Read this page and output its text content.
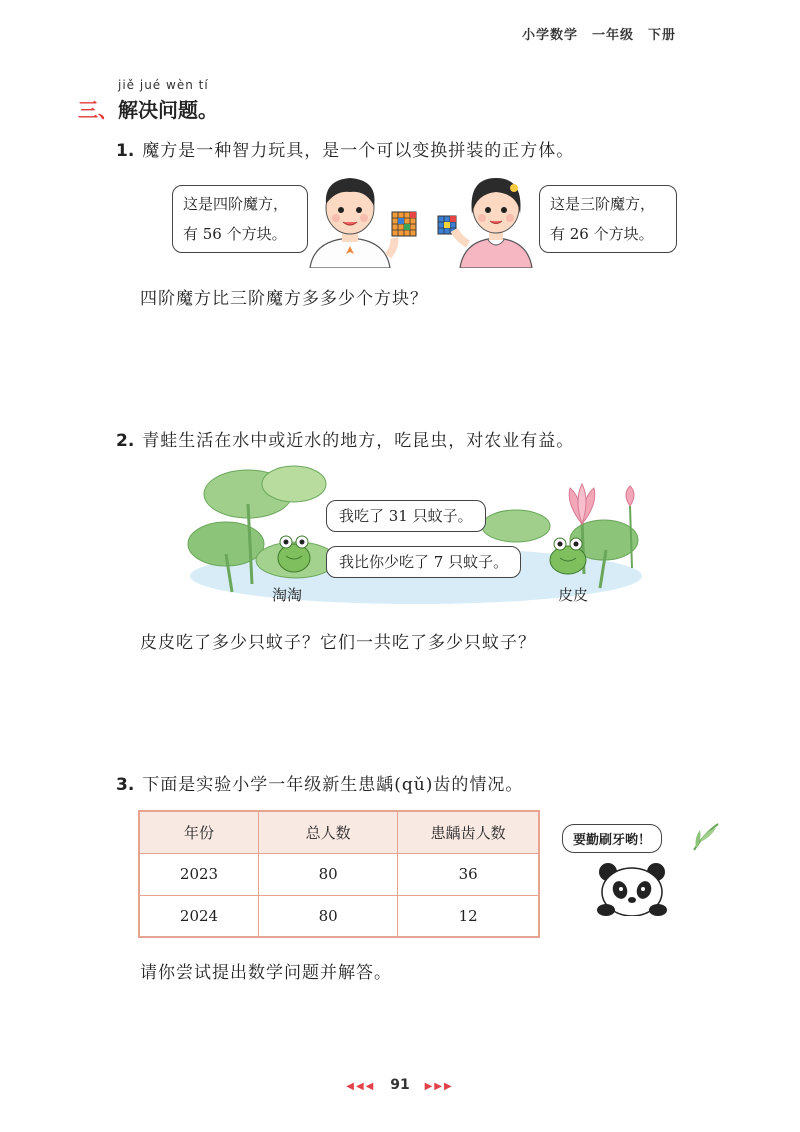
小学数学　一年级　下册
jiě jué wèn tí
三、解决问题。
1. 魔方是一种智力玩具，是一个可以变换拼装的正方体。
这是四阶魔方，
有 56 个方块。
这是三阶魔方，
有 26 个方块。
四阶魔方比三阶魔方多多少个方块？
2. 青蛙生活在水中或近水的地方，吃昆虫，对农业有益。
我吃了 31 只蚊子。
我比你少吃了 7 只蚊子。
淘淘	皮皮
皮皮吃了多少只蚊子？它们一共吃了多少只蚊子？
3. 下面是实验小学一年级新生患龋(qǔ)齿的情况。
年份	总人数	患龋齿人数
2023	80	36
2024	80	12
要勤刷牙哟！
请你尝试提出数学问题并解答。
◀◀◀ 91 ▶▶▶
